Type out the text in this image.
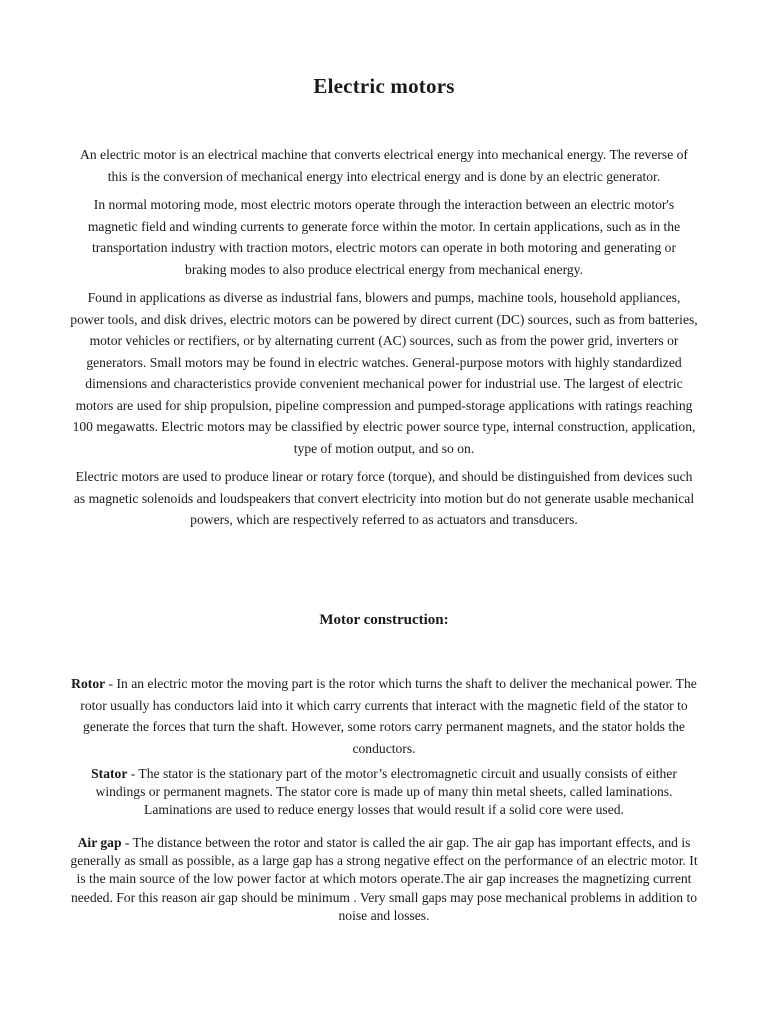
Electric motors

An electric motor is an electrical machine that converts electrical energy into mechanical energy. The reverse of this is the conversion of mechanical energy into electrical energy and is done by an electric generator.

In normal motoring mode, most electric motors operate through the interaction between an electric motor's magnetic field and winding currents to generate force within the motor. In certain applications, such as in the transportation industry with traction motors, electric motors can operate in both motoring and generating or braking modes to also produce electrical energy from mechanical energy.

Found in applications as diverse as industrial fans, blowers and pumps, machine tools, household appliances, power tools, and disk drives, electric motors can be powered by direct current (DC) sources, such as from batteries, motor vehicles or rectifiers, or by alternating current (AC) sources, such as from the power grid, inverters or generators. Small motors may be found in electric watches. General-purpose motors with highly standardized dimensions and characteristics provide convenient mechanical power for industrial use. The largest of electric motors are used for ship propulsion, pipeline compression and pumped-storage applications with ratings reaching 100 megawatts. Electric motors may be classified by electric power source type, internal construction, application, type of motion output, and so on.

Electric motors are used to produce linear or rotary force (torque), and should be distinguished from devices such as magnetic solenoids and loudspeakers that convert electricity into motion but do not generate usable mechanical powers, which are respectively referred to as actuators and transducers.

Motor construction:

Rotor - In an electric motor the moving part is the rotor which turns the shaft to deliver the mechanical power. The rotor usually has conductors laid into it which carry currents that interact with the magnetic field of the stator to generate the forces that turn the shaft. However, some rotors carry permanent magnets, and the stator holds the conductors.

Stator - The stator is the stationary part of the motor’s electromagnetic circuit and usually consists of either windings or permanent magnets. The stator core is made up of many thin metal sheets, called laminations. Laminations are used to reduce energy losses that would result if a solid core were used.

Air gap - The distance between the rotor and stator is called the air gap. The air gap has important effects, and is generally as small as possible, as a large gap has a strong negative effect on the performance of an electric motor. It is the main source of the low power factor at which motors operate.The air gap increases the magnetizing current needed. For this reason air gap should be minimum . Very small gaps may pose mechanical problems in addition to noise and losses.
